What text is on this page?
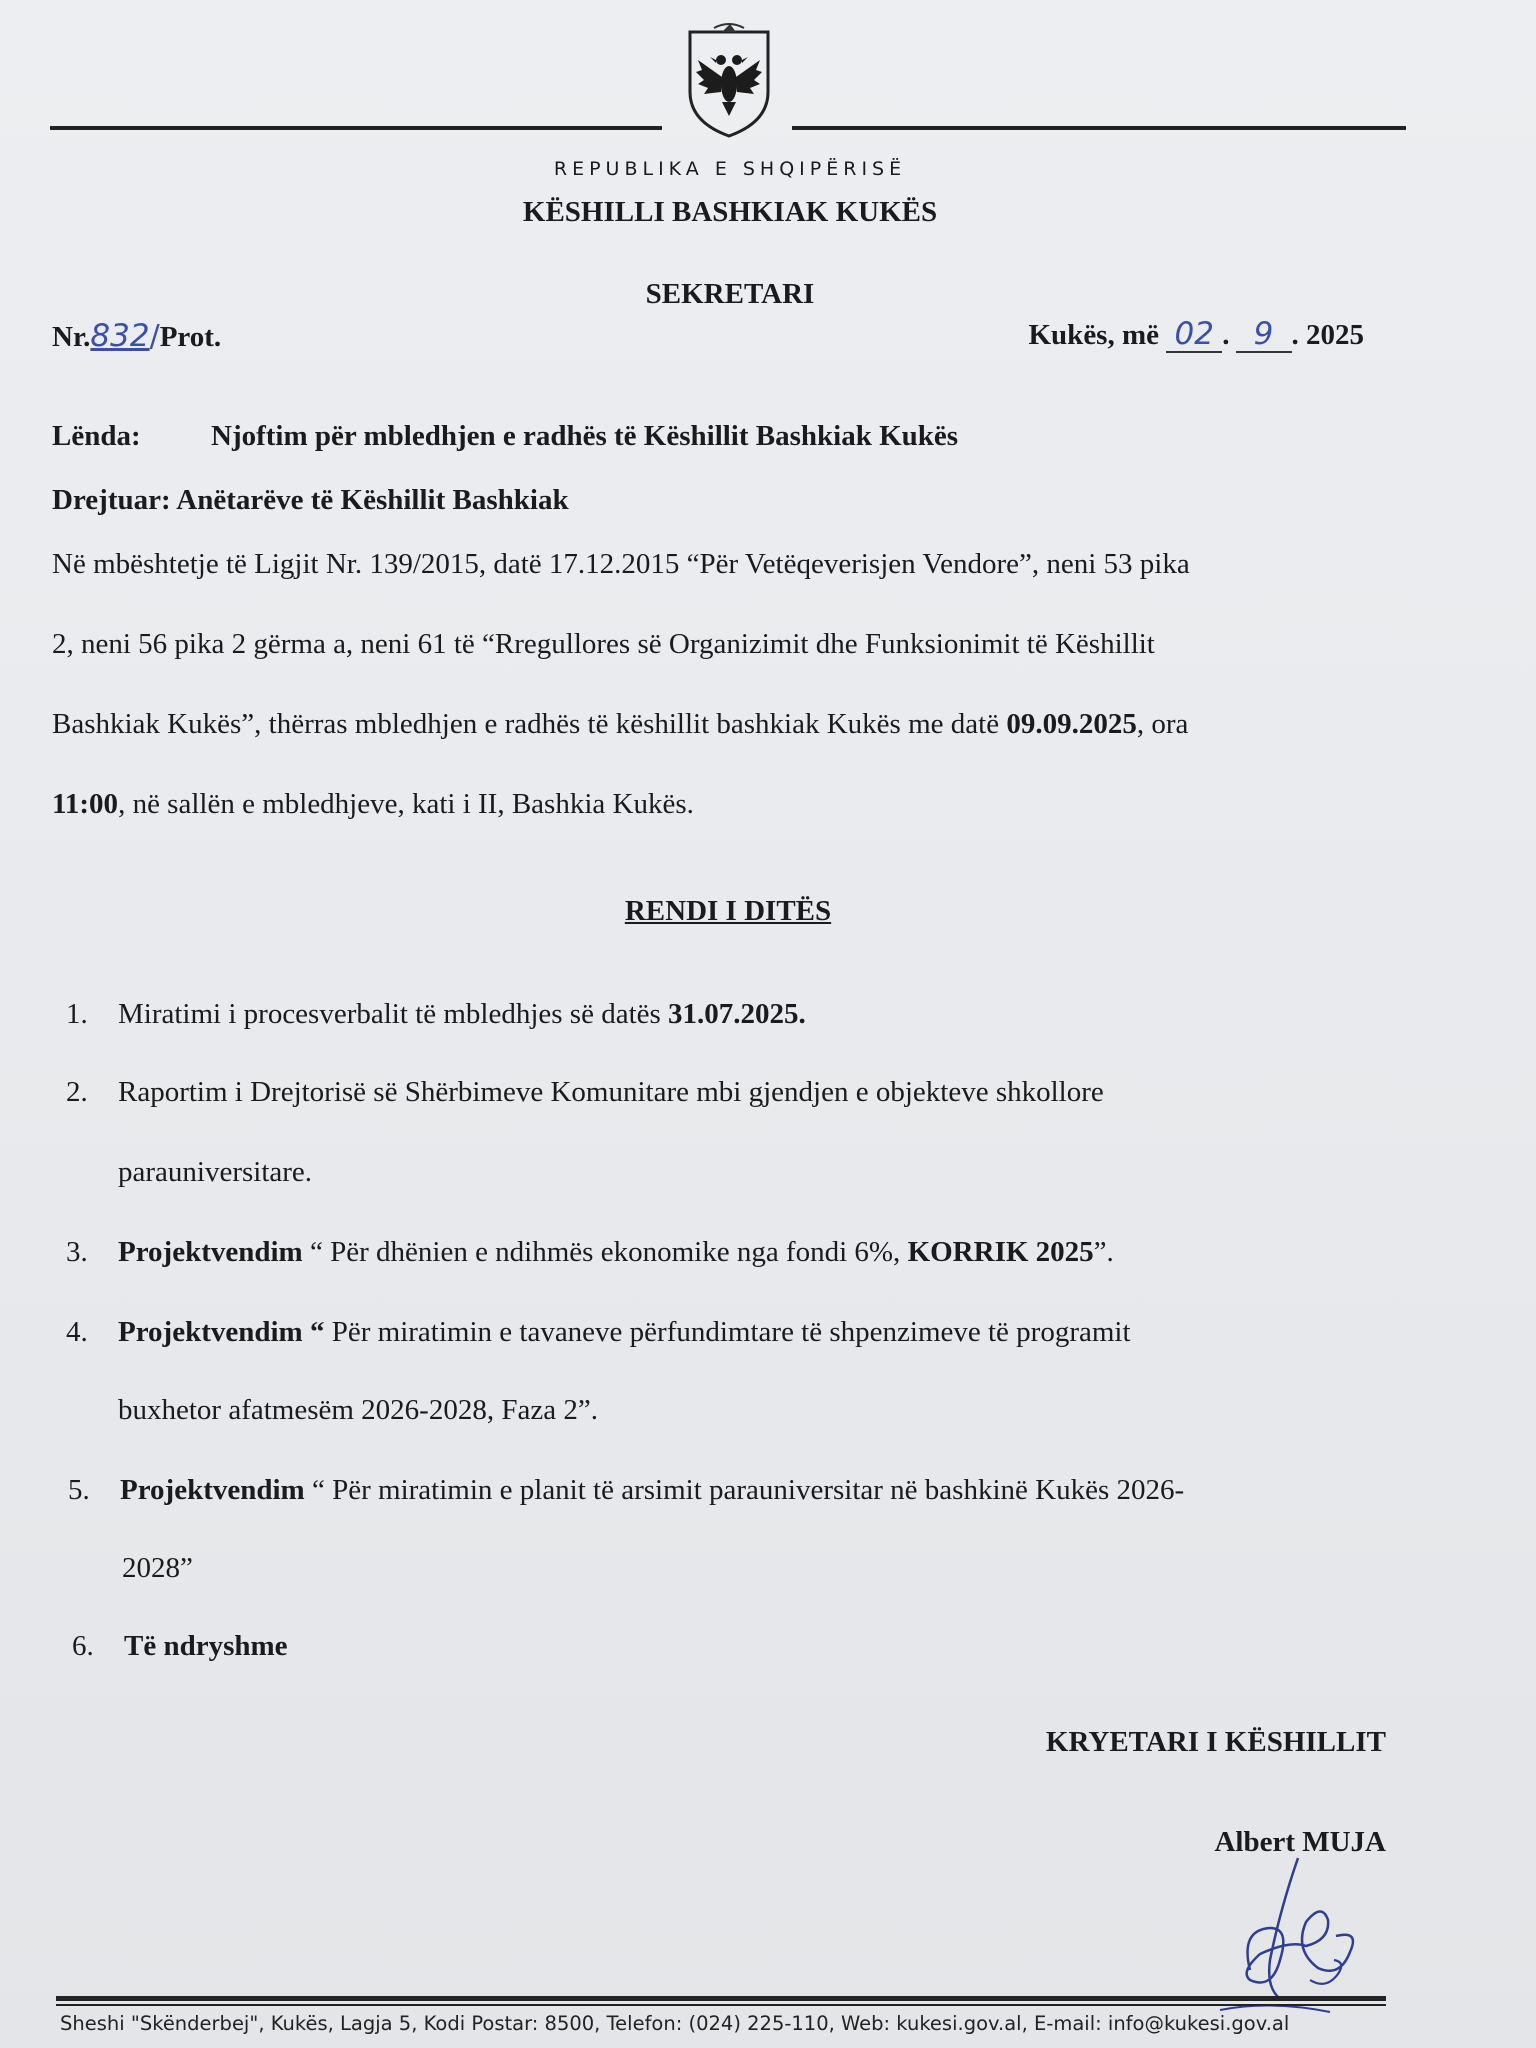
REPUBLIKA E SHQIPËRISË
KËSHILLI BASHKIAK KUKËS
SEKRETARI
Nr.832/Prot.	Kukës, më 02 . 9 . 2025
Lënda: Njoftim për mbledhjen e radhës të Këshillit Bashkiak Kukës
Drejtuar: Anëtarëve të Këshillit Bashkiak
Në mbështetje të Ligjit Nr. 139/2015, datë 17.12.2015 “Për Vetëqeverisjen Vendore”, neni 53 pika
2, neni 56 pika 2 gërma a, neni 61 të “Rregullores së Organizimit dhe Funksionimit të Këshillit
Bashkiak Kukës”, thërras mbledhjen e radhës të këshillit bashkiak Kukës me datë 09.09.2025, ora
11:00, në sallën e mbledhjeve, kati i II, Bashkia Kukës.
RENDI I DITËS
1. Miratimi i procesverbalit të mbledhjes së datës 31.07.2025.
2. Raportim i Drejtorisë së Shërbimeve Komunitare mbi gjendjen e objekteve shkollore
parauniversitare.
3. Projektvendim “ Për dhënien e ndihmës ekonomike nga fondi 6%, KORRIK 2025”.
4. Projektvendim “ Për miratimin e tavaneve përfundimtare të shpenzimeve të programit
buxhetor afatmesëm 2026-2028, Faza 2”.
5. Projektvendim “ Për miratimin e planit të arsimit parauniversitar në bashkinë Kukës 2026-
2028”
6. Të ndryshme
KRYETARI I KËSHILLIT
Albert MUJA
Sheshi "Skënderbej", Kukës, Lagja 5, Kodi Postar: 8500, Telefon: (024) 225-110, Web: kukesi.gov.al, E-mail: info@kukesi.gov.al
